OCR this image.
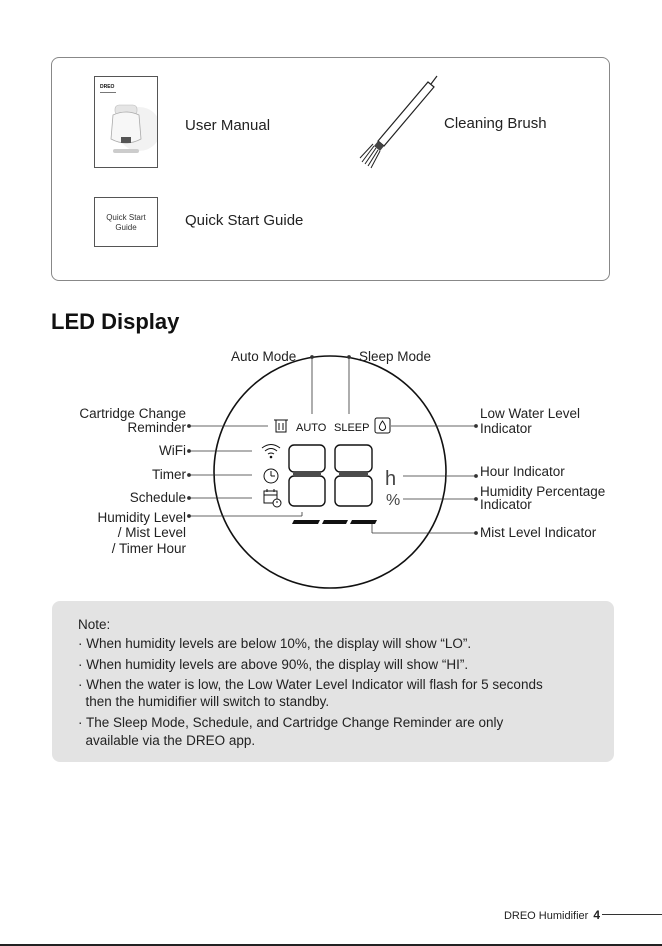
DREO
User Manual	Cleaning Brush
Quick Start
Guide	Quick Start Guide
LED Display
AUTO SLEEP
h
%
Auto Mode	Sleep Mode
Cartridge Change
Reminder
WiFi
Timer
Schedule
Humidity Level
/ Mist Level
/ Timer Hour
Low Water Level
Indicator
Hour Indicator
Humidity Percentage
Indicator
Mist Level Indicator
Note:
· When humidity levels are below 10%, the display will show “LO”.
· When humidity levels are above 90%, the display will show “HI”.
· When the water is low, the Low Water Level Indicator will flash for 5 seconds
then the humidifier will switch to standby.
· The Sleep Mode, Schedule, and Cartridge Change Reminder are only
available via the DREO app.
DREO Humidifier 4
